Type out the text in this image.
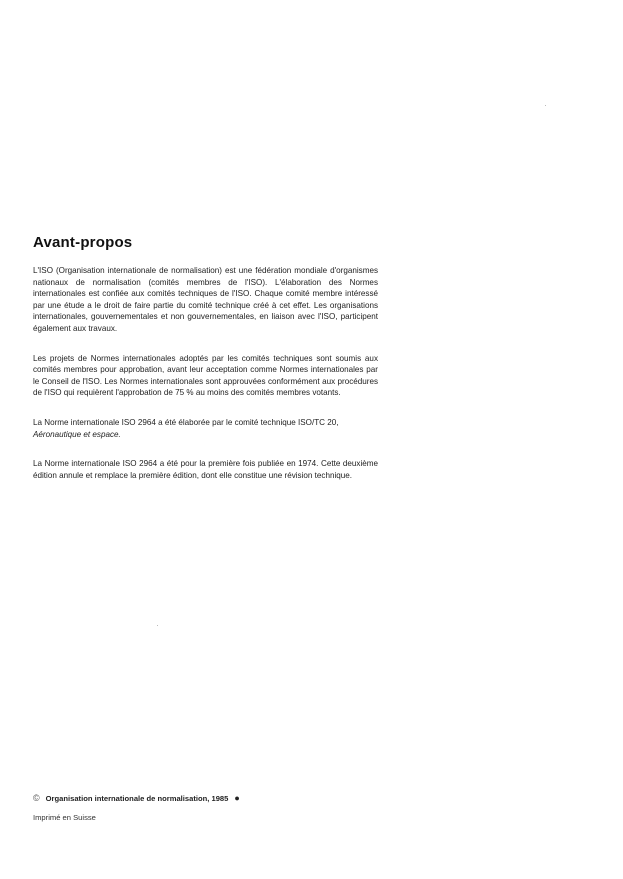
Avant-propos

L'ISO (Organisation internationale de normalisation) est une fédération mondiale d'organismes nationaux de normalisation (comités membres de l'ISO). L'élaboration des Normes internationales est confiée aux comités techniques de l'ISO. Chaque comité membre intéressé par une étude a le droit de faire partie du comité technique créé à cet effet. Les organisations internationales, gouvernementales et non gouvernementales, en liaison avec l'ISO, participent également aux travaux.

Les projets de Normes internationales adoptés par les comités techniques sont soumis aux comités membres pour approbation, avant leur acceptation comme Normes internationales par le Conseil de l'ISO. Les Normes internationales sont approuvées conformément aux procédures de l'ISO qui requièrent l'approbation de 75 % au moins des comités membres votants.

La Norme internationale ISO 2964 a été élaborée par le comité technique ISO/TC 20,
Aéronautique et espace.

La Norme internationale ISO 2964 a été pour la première fois publiée en 1974. Cette deuxième édition annule et remplace la première édition, dont elle constitue une révision technique.

© Organisation internationale de normalisation, 1985 ●
Imprimé en Suisse
